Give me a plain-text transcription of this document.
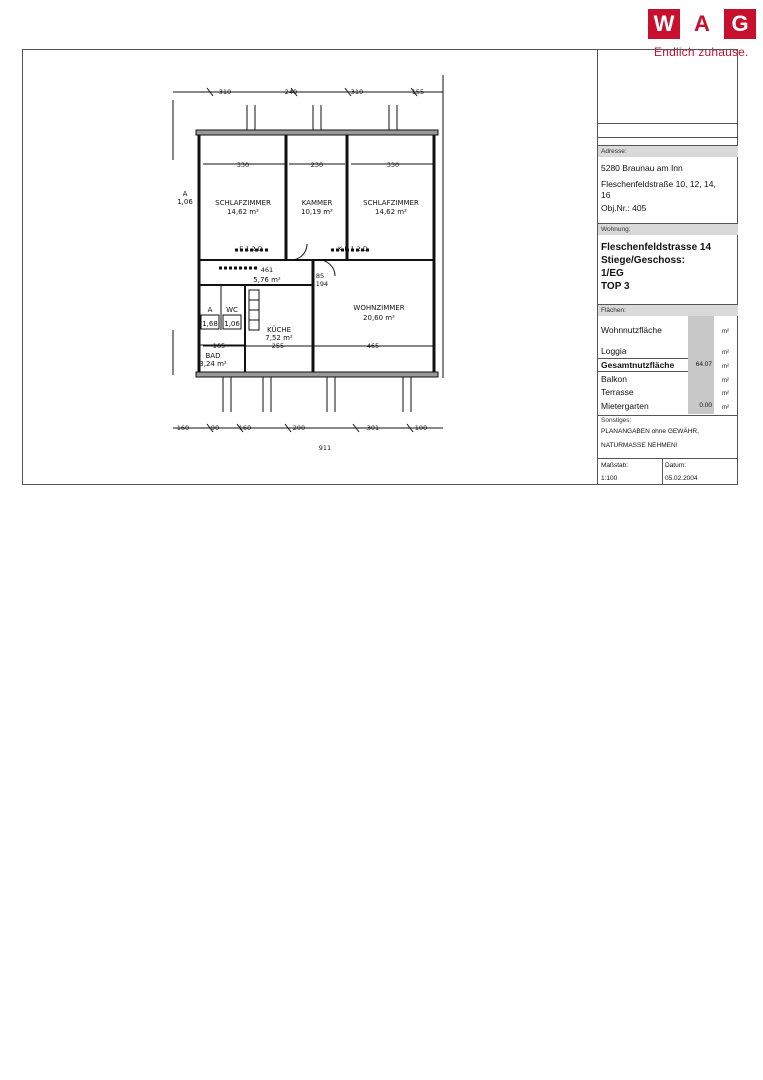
W A G
Endlich zuhause.
310	240	310	155
330	230	330
465
255
165
85
194
461
E 1 2 D	K E 1 2 D
160	90	160	200	301	100
911
SCHLAFZIMMER
14,62 m²
KAMMER
10,19 m²
SCHLAFZIMMER
14,62 m²
WOHNZIMMER
20,60 m²
KÜCHE
7,52 m²
5,76 m²
BAD
3,24 m²
WC
1,06
A
1,68
A
1,06
Adresse:
5280 Braunau am Inn
Fleschenfeldstraße 10, 12, 14,
16
Obj.Nr.: 405
Wohnung:
Fleschenfeldstrasse 14
Stiege/Geschoss:
1/EG
TOP 3
Flächen:
Wohnnutzfläche	m²
Loggia	m²
Gesamtnutzfläche	64.07 m²
Balkon	m²
Terrasse	m²
Mietergarten	0.00 m²
Sonstiges:
PLANANGABEN ohne GEWÄHR,
NATURMASSE NEHMEN!
Maßstab:
1:100
Datum:
05.02.2004
